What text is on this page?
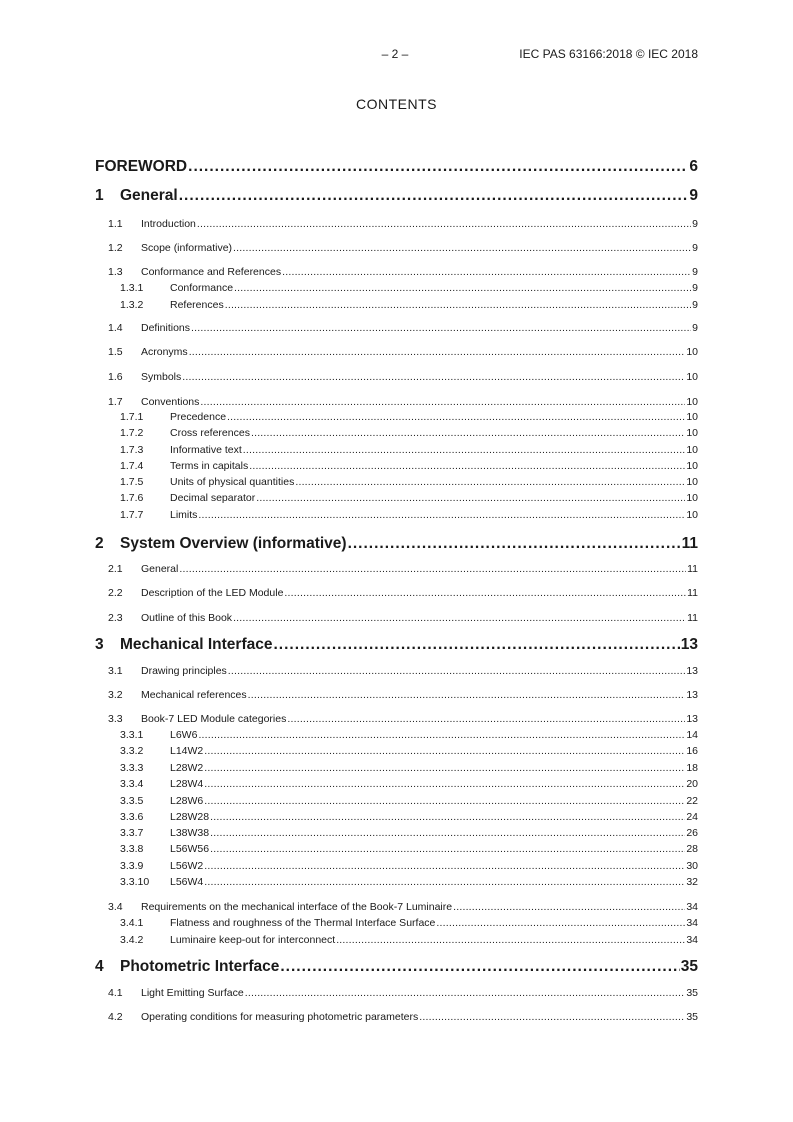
– 2 –	IEC PAS 63166:2018 © IEC 2018
CONTENTS
FOREWORD .....	6
1	General .....	9
1.1	Introduction .....	9
1.2	Scope (informative) .....	9
1.3	Conformance and References .....	9
1.3.1	Conformance .....	9
1.3.2	References .....	9
1.4	Definitions .....	9
1.5	Acronyms .....	10
1.6	Symbols .....	10
1.7	Conventions .....	10
1.7.1	Precedence .....	10
1.7.2	Cross references .....	10
1.7.3	Informative text .....	10
1.7.4	Terms in capitals .....	10
1.7.5	Units of physical quantities .....	10
1.7.6	Decimal separator .....	10
1.7.7	Limits .....	10
2	System Overview (informative) .....	11
2.1	General .....	11
2.2	Description of the LED Module .....	11
2.3	Outline of this Book .....	11
3	Mechanical Interface .....	13
3.1	Drawing principles .....	13
3.2	Mechanical references .....	13
3.3	Book-7 LED Module categories .....	13
3.3.1	L6W6 .....	14
3.3.2	L14W2 .....	16
3.3.3	L28W2 .....	18
3.3.4	L28W4 .....	20
3.3.5	L28W6 .....	22
3.3.6	L28W28 .....	24
3.3.7	L38W38 .....	26
3.3.8	L56W56 .....	28
3.3.9	L56W2 .....	30
3.3.10	L56W4 .....	32
3.4	Requirements on the mechanical interface of the Book-7 Luminaire .....	34
3.4.1	Flatness and roughness of the Thermal Interface Surface .....	34
3.4.2	Luminaire keep-out for interconnect .....	34
4	Photometric Interface .....	35
4.1	Light Emitting Surface .....	35
4.2	Operating conditions for measuring photometric parameters .....	35
